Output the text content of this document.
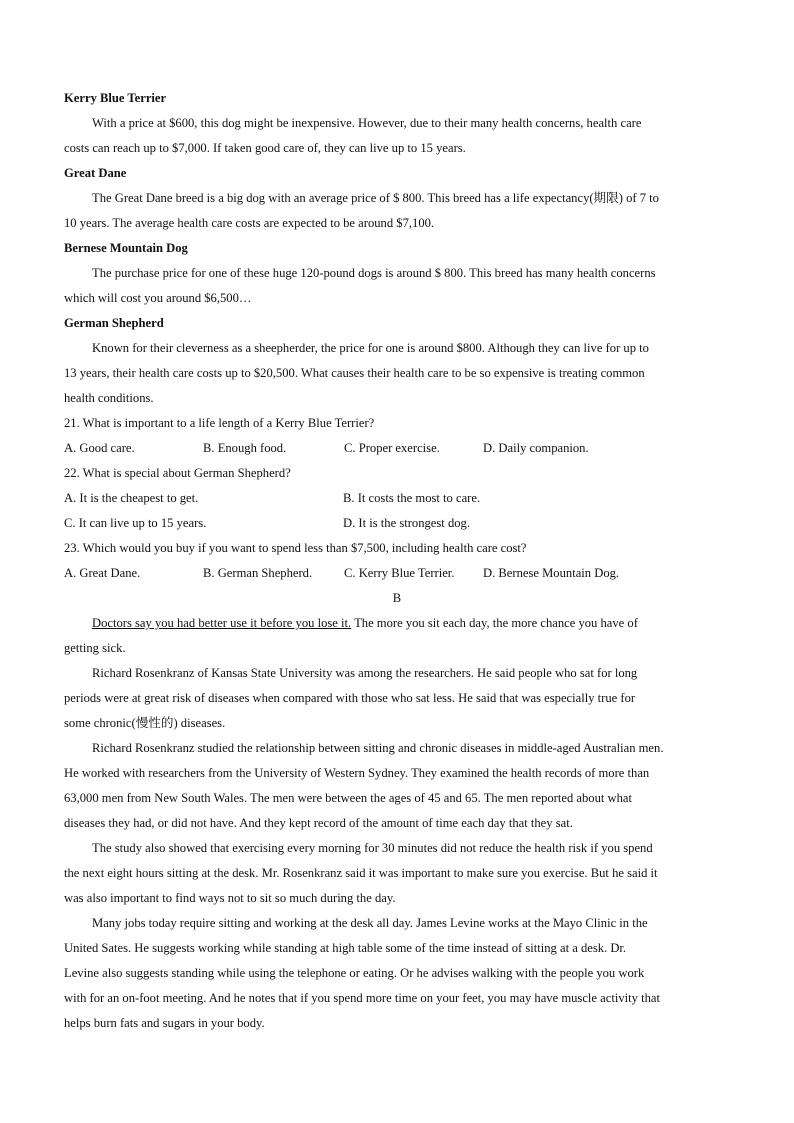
Kerry Blue Terrier
With a price at $600, this dog might be inexpensive. However, due to their many health concerns, health care
costs can reach up to $7,000. If taken good care of, they can live up to 15 years.
Great Dane
The Great Dane breed is a big dog with an average price of $ 800. This breed has a life expectancy(期限) of 7 to
10 years. The average health care costs are expected to be around $7,100.
Bernese Mountain Dog
The purchase price for one of these huge 120-pound dogs is around $ 800. This breed has many health concerns
which will cost you around $6,500…
German Shepherd
Known for their cleverness as a sheepherder, the price for one is around $800. Although they can live for up to
13 years, their health care costs up to $20,500. What causes their health care to be so expensive is treating common
health conditions.
21. What is important to a life length of a Kerry Blue Terrier?
A. Good care.	B. Enough food.	C. Proper exercise.	D. Daily companion.
22. What is special about German Shepherd?
A. It is the cheapest to get.	B. It costs the most to care.
C. It can live up to 15 years.	D. It is the strongest dog.
23. Which would you buy if you want to spend less than $7,500, including health care cost?
A. Great Dane.	B. German Shepherd.	C. Kerry Blue Terrier. D. Bernese Mountain Dog.
B
Doctors say you had better use it before you lose it. The more you sit each day, the more chance you have of
getting sick.
Richard Rosenkranz of Kansas State University was among the researchers. He said people who sat for long
periods were at great risk of diseases when compared with those who sat less. He said that was especially true for
some chronic(慢性的) diseases.
Richard Rosenkranz studied the relationship between sitting and chronic diseases in middle-aged Australian men.
He worked with researchers from the University of Western Sydney. They examined the health records of more than
63,000 men from New South Wales. The men were between the ages of 45 and 65. The men reported about what
diseases they had, or did not have. And they kept record of the amount of time each day that they sat.
The study also showed that exercising every morning for 30 minutes did not reduce the health risk if you spend
the next eight hours sitting at the desk. Mr. Rosenkranz said it was important to make sure you exercise. But he said it
was also important to find ways not to sit so much during the day.
Many jobs today require sitting and working at the desk all day. James Levine works at the Mayo Clinic in the
United Sates. He suggests working while standing at high table some of the time instead of sitting at a desk. Dr.
Levine also suggests standing while using the telephone or eating. Or he advises walking with the people you work
with for an on-foot meeting. And he notes that if you spend more time on your feet, you may have muscle activity that
helps burn fats and sugars in your body.
